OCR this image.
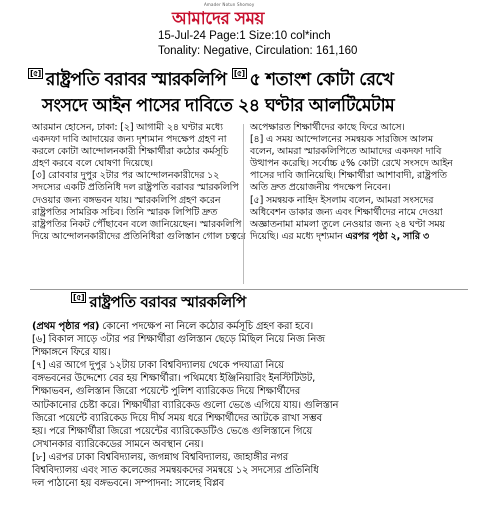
Amader Notun Shomoy
আমাদের সময়
15-Jul-24 Page:1 Size:10 col*inch
Tonality: Negative, Circulation: 161,160
[৫] রাষ্ট্রপতি বরাবর স্মারকলিপি [৫] ৫ শতাংশ কোটা রেখে
সংসদে আইন পাসের দাবিতে ২৪ ঘণ্টার আলটিমেটাম
আরমান হোসেন, ঢাকা: [২] আগামী ২৪ ঘণ্টার মধ্যে
একদফা দাবি আদায়ের জন্য দৃশ্যমান পদক্ষেপ গ্রহণ না
করলে কোটা আন্দোলনকারী শিক্ষার্থীরা কঠোর কর্মসূচি
গ্রহণ করবে বলে ঘোষণা দিয়েছে।
[৩] রোববার দুপুর ২টার পর আন্দোলনকারীদের ১২
সদস্যের একটি প্রতিনিধি দল রাষ্ট্রপতি বরাবর স্মারকলিপি
দেওয়ার জন্য বঙ্গভবন যায়। স্মারকলিপি গ্রহণ করেন
রাষ্ট্রপতির সামরিক সচিব। তিনি স্মারক লিপিটি দ্রুত
রাষ্ট্রপতির নিকট পৌঁছাবেন বলে জানিয়েছেন। স্মারকলিপি
দিয়ে আন্দোলনকারীদের প্রতিনিধিরা গুলিস্তান গোল চত্বরে
অপেক্ষারত শিক্ষার্থীদের কাছে ফিরে আসে।
[৪] এ সময় আন্দোলনের সমন্বয়ক সারজিস আলম
বলেন, আমরা স্মারকলিপিতে আমাদের একদফা দাবি
উত্থাপন করেছি। সর্বোচ্চ ৫% কোটা রেখে সংসদে আইন
পাসের দাবি জানিয়েছি। শিক্ষার্থীরা আশাবাদী, রাষ্ট্রপতি
অতি দ্রুত প্রয়োজনীয় পদক্ষেপ নিবেন।
[৫] সমন্বয়ক নাহিদ ইসলাম বলেন, আমরা সংসদের
অধিবেশন ডাকার জন্য এবং শিক্ষার্থীদের নামে দেওয়া
অজ্ঞাতনামা মামলা তুলে নেওয়ার জন্য ২৪ ঘণ্টা সময়
দিয়েছি। এর মধ্যে দৃশ্যমান এরপর পৃষ্ঠা ২, সারি ৩
[৫] রাষ্ট্রপতি বরাবর স্মারকলিপি
(প্রথম পৃষ্ঠার পর) কোনো পদক্ষেপ না নিলে কঠোর কর্মসূচি গ্রহণ করা হবে।
[৬] বিকাল সাড়ে ৩টার পর শিক্ষার্থীরা গুলিস্তান ছেড়ে মিছিল নিয়ে নিজ নিজ
শিক্ষাঙ্গনে ফিরে যায়।
[৭] এর আগে দুপুর ১২টায় ঢাকা বিশ্ববিদ্যালয় থেকে পদযাত্রা নিয়ে
বঙ্গভবনের উদ্দেশ্যে বের হয় শিক্ষার্থীরা। পথিমধ্যে ইঞ্জিনিয়ারিং ইনস্টিটিউট,
শিক্ষাভবন, গুলিস্তান জিরো পয়েন্টে পুলিশ ব্যারিকেড দিয়ে শিক্ষার্থীদের
আটকানোর চেষ্টা করে। শিক্ষার্থীরা ব্যারিকেড গুলো ভেঙে এগিয়ে যায়। গুলিস্তান
জিরো পয়েন্টে ব্যারিকেড দিয়ে দীর্ঘ সময় ধরে শিক্ষার্থীদের আটকে রাখা সম্ভব
হয়। পরে শিক্ষার্থীরা জিরো পয়েন্টের ব্যারিকেডটিও ভেঙে গুলিস্তানে গিয়ে
সেখানকার ব্যারিকেডের সামনে অবস্থান নেয়।
[৮] এরপর ঢাকা বিশ্ববিদ্যালয়, জগন্নাথ বিশ্ববিদ্যালয়, জাহাঙ্গীর নগর
বিশ্ববিদ্যালয় এবং সাত কলেজের সমন্বয়কদের সমন্বয়ে ১২ সদস্যের প্রতিনিধি
দল পাঠানো হয় বঙ্গভবনে। সম্পাদনা: সালেহ বিপ্লব
